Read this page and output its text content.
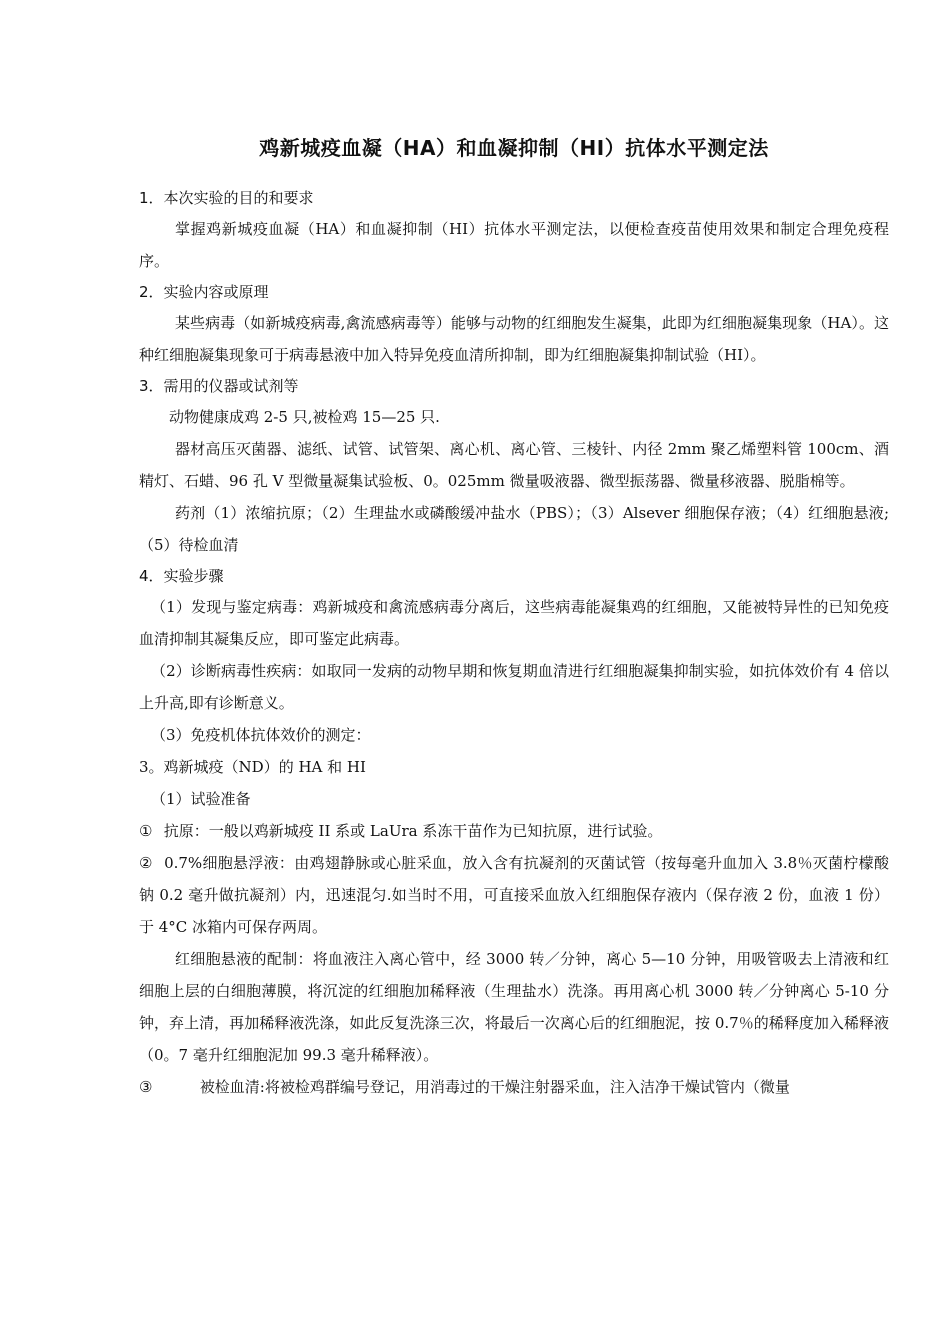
鸡新城疫血凝（HA）和血凝抑制（HI）抗体水平测定法
1．本次实验的目的和要求

掌握鸡新城疫血凝（HA）和血凝抑制（HI）抗体水平测定法，以便检查疫苗使用效果和制定合理免疫程序。

2．实验内容或原理

某些病毒（如新城疫病毒,禽流感病毒等）能够与动物的红细胞发生凝集，此即为红细胞凝集现象（HA）。这种红细胞凝集现象可于病毒悬液中加入特异免疫血清所抑制，即为红细胞凝集抑制试验（HI）。

3．需用的仪器或试剂等

动物健康成鸡 2-5 只,被检鸡 15—25 只.

器材高压灭菌器、滤纸、试管、试管架、离心机、离心管、三棱针、内径 2mm 聚乙烯塑料管 100cm、酒精灯、石蜡、96 孔 V 型微量凝集试验板、0。025mm 微量吸液器、微型振荡器、微量移液器、脱脂棉等。

药剂（1）浓缩抗原；（2）生理盐水或磷酸缓冲盐水（PBS）；（3）Alsever 细胞保存液；（4）红细胞悬液;（5）待检血清

4．实验步骤

（1）发现与鉴定病毒：鸡新城疫和禽流感病毒分离后，这些病毒能凝集鸡的红细胞，又能被特异性的已知免疫血清抑制其凝集反应，即可鉴定此病毒。

（2）诊断病毒性疾病：如取同一发病的动物早期和恢复期血清进行红细胞凝集抑制实验，如抗体效价有 4 倍以上升高,即有诊断意义。

（3）免疫机体抗体效价的测定：

3。鸡新城疫（ND）的 HA 和 HI

（1）试验准备

① 抗原：一般以鸡新城疫 II 系或 LaUra 系冻干苗作为已知抗原，进行试验。

② 0.7%细胞悬浮液：由鸡翅静脉或心脏采血，放入含有抗凝剂的灭菌试管（按每毫升血加入 3.8％灭菌柠檬酸钠 0.2 毫升做抗凝剂）内，迅速混匀.如当时不用，可直接采血放入红细胞保存液内（保存液 2 份，血液 1 份）于 4°C 冰箱内可保存两周。

红细胞悬液的配制：将血液注入离心管中，经 3000 转／分钟，离心 5—10 分钟，用吸管吸去上清液和红细胞上层的白细胞薄膜，将沉淀的红细胞加稀释液（生理盐水）洗涤。再用离心机 3000 转／分钟离心 5-10 分钟，弃上清，再加稀释液洗涤，如此反复洗涤三次，将最后一次离心后的红细胞泥，按 0.7％的稀释度加入稀释液（0。7 毫升红细胞泥加 99.3 毫升稀释液）。

③	被检血清:将被检鸡群编号登记，用消毒过的干燥注射器采血，注入洁净干燥试管内（微量
